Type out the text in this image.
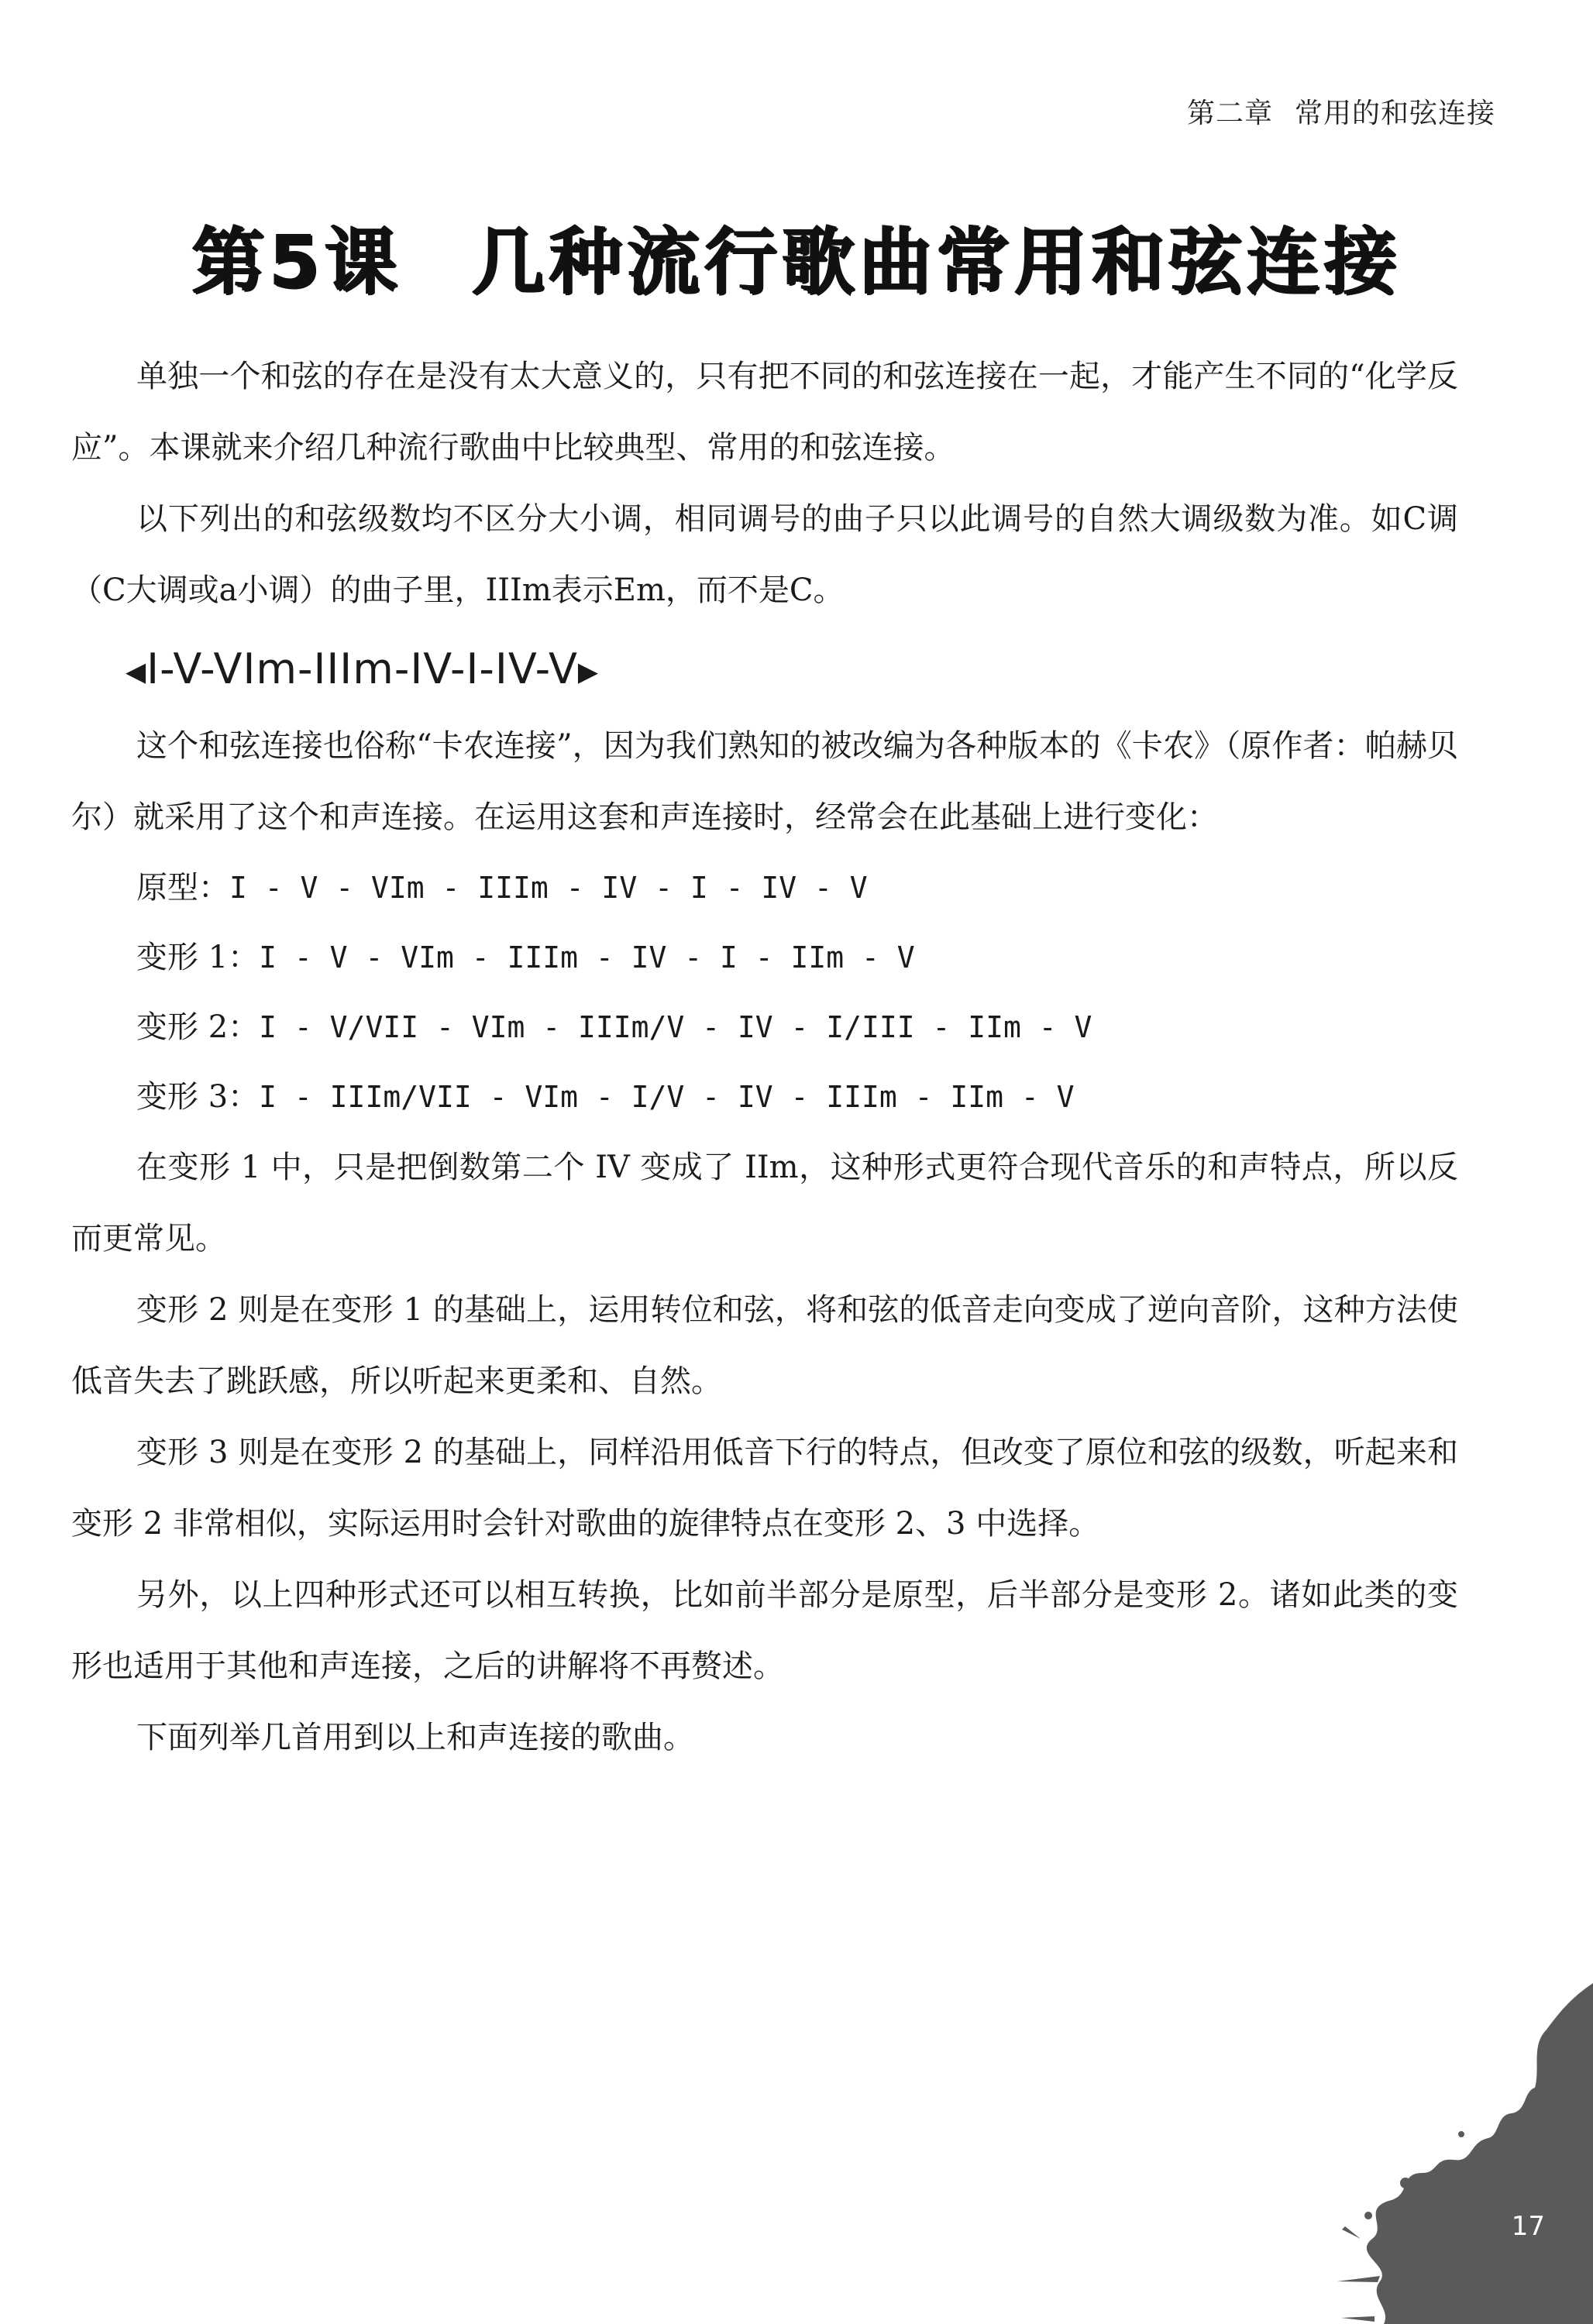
第二章 常用的和弦连接
第5课 几种流行歌曲常用和弦连接

单独一个和弦的存在是没有太大意义的，只有把不同的和弦连接在一起，才能产生不同的“化学反应”。本课就来介绍几种流行歌曲中比较典型、常用的和弦连接。

以下列出的和弦级数均不区分大小调，相同调号的曲子只以此调号的自然大调级数为准。如C调（C大调或a小调）的曲子里，IIIm表示Em，而不是C。

◀I-V-VIm-IIIm-IV-I-IV-V▶

这个和弦连接也俗称“卡农连接”，因为我们熟知的被改编为各种版本的《卡农》（原作者：帕赫贝尔）就采用了这个和声连接。在运用这套和声连接时，经常会在此基础上进行变化：

原型：I - V - VIm - IIIm - IV - I - IV - V
变形 1：I - V - VIm - IIIm - IV - I - IIm - V
变形 2：I - V/VII - VIm - IIIm/V - IV - I/III - IIm - V
变形 3：I - IIIm/VII - VIm - I/V - IV - IIIm - IIm - V

在变形 1 中，只是把倒数第二个 IV 变成了 IIm，这种形式更符合现代音乐的和声特点，所以反而更常见。

变形 2 则是在变形 1 的基础上，运用转位和弦，将和弦的低音走向变成了逆向音阶，这种方法使低音失去了跳跃感，所以听起来更柔和、自然。

变形 3 则是在变形 2 的基础上，同样沿用低音下行的特点，但改变了原位和弦的级数，听起来和变形 2 非常相似，实际运用时会针对歌曲的旋律特点在变形 2、3 中选择。

另外，以上四种形式还可以相互转换，比如前半部分是原型，后半部分是变形 2。诸如此类的变形也适用于其他和声连接，之后的讲解将不再赘述。

下面列举几首用到以上和声连接的歌曲。

17
